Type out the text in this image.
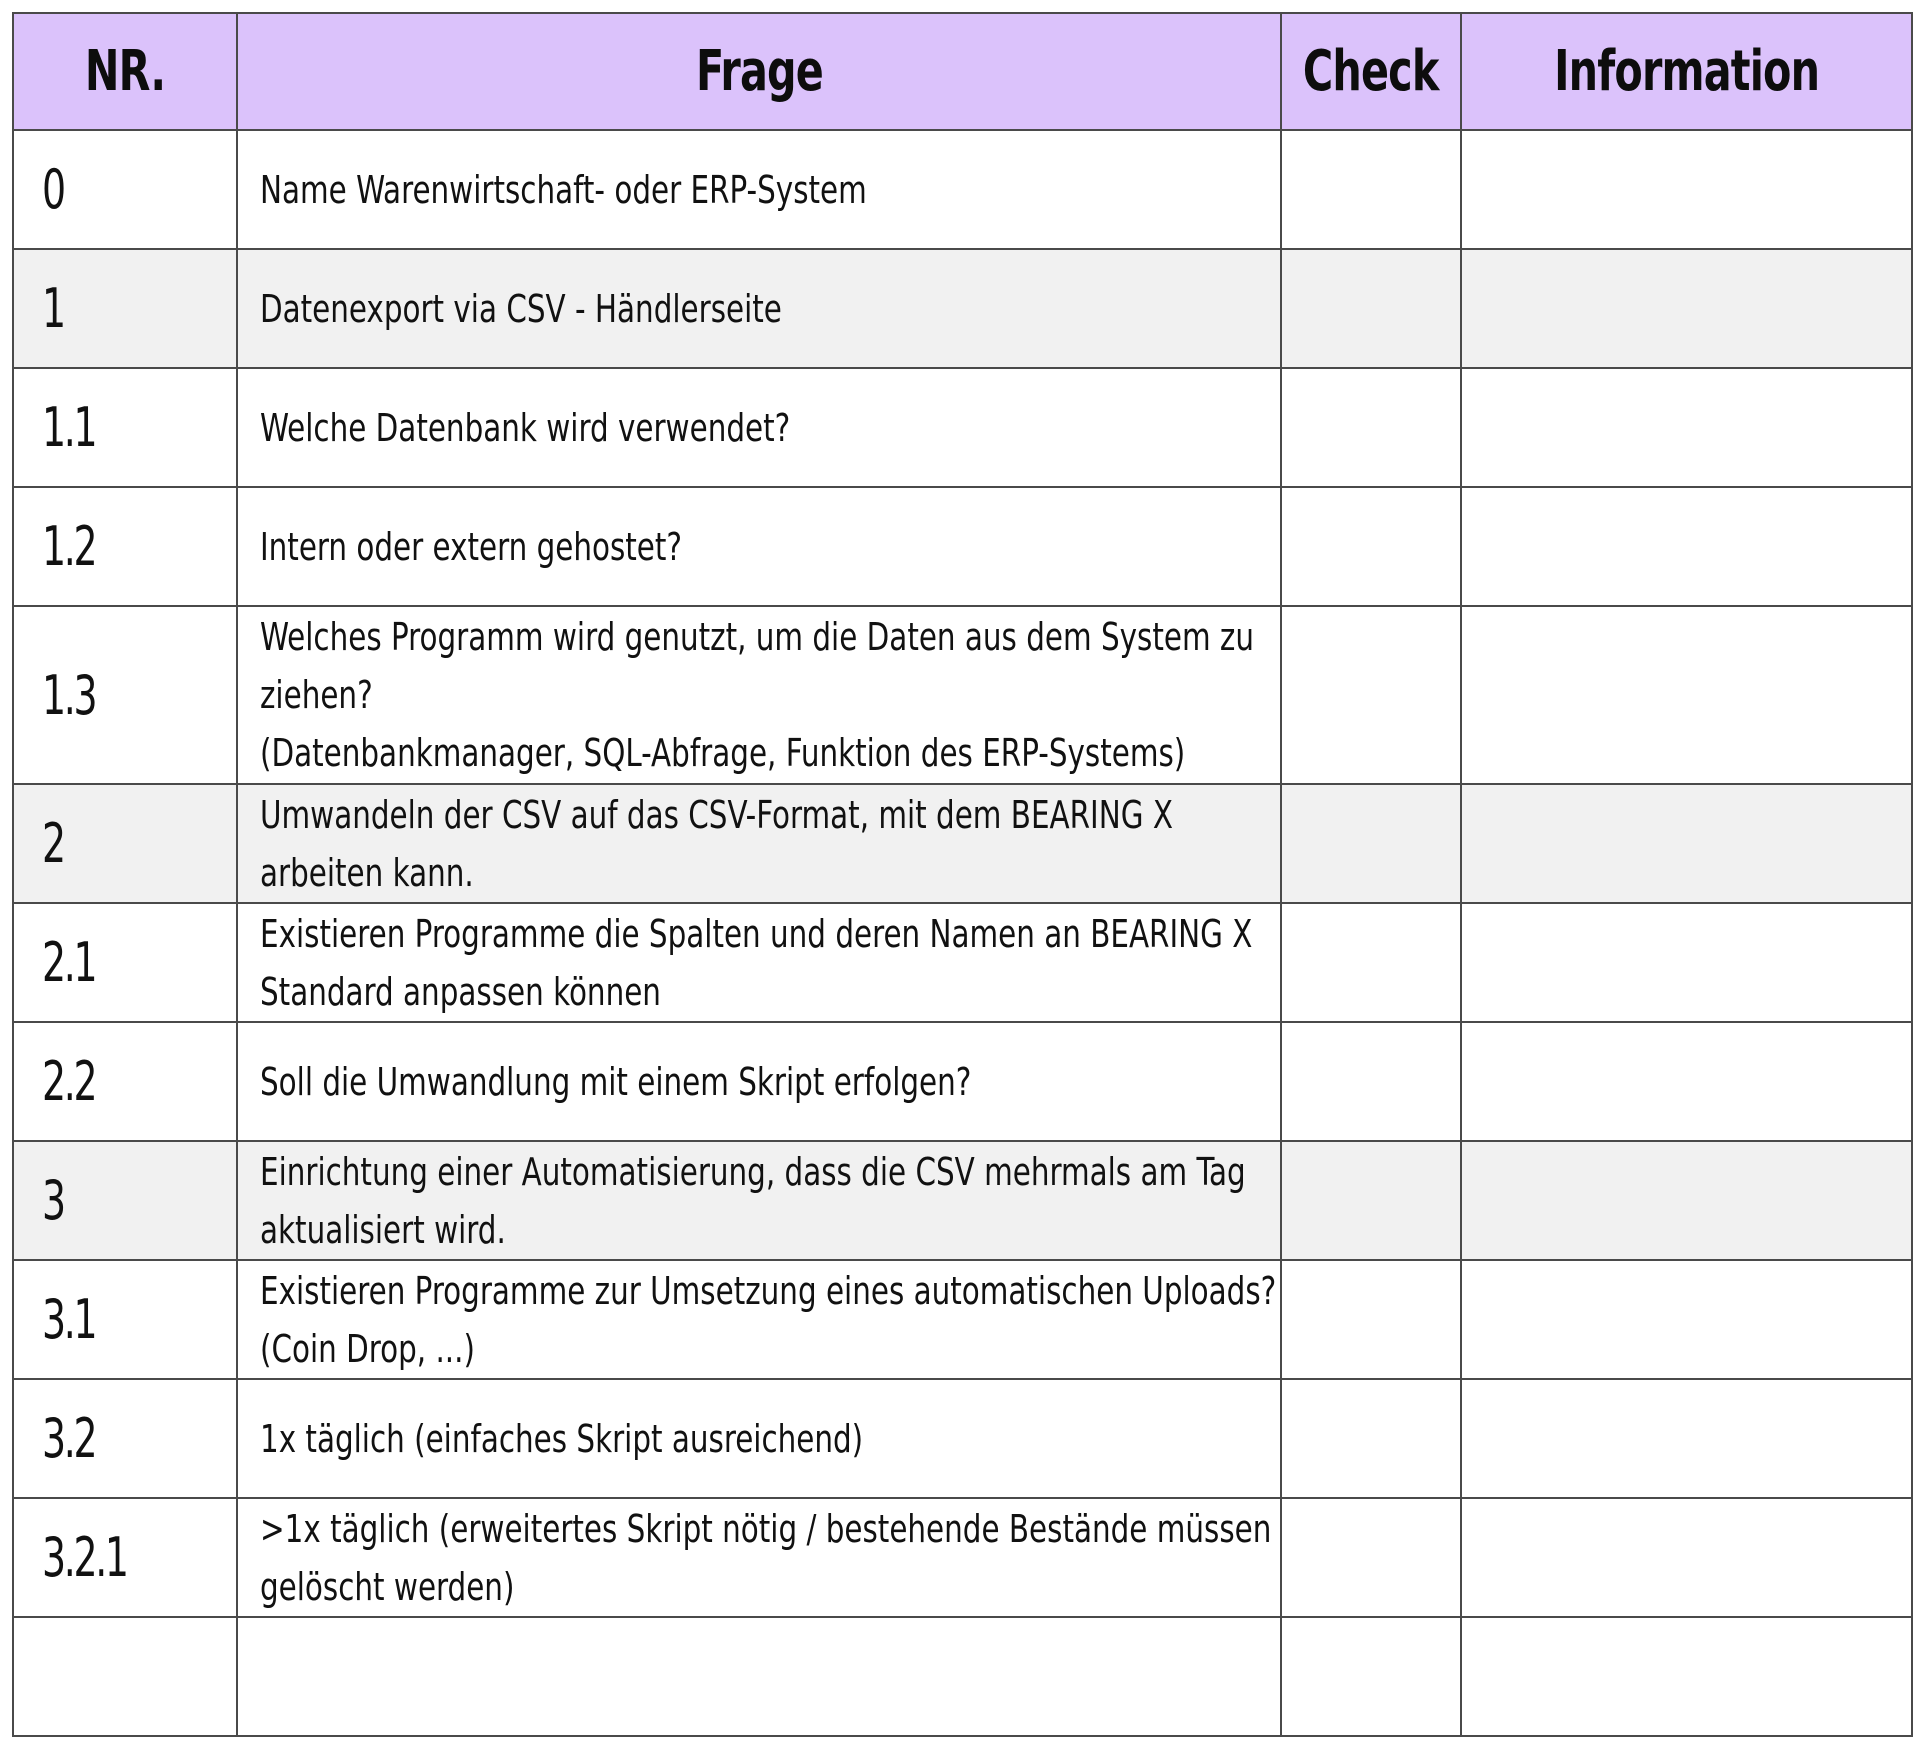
NR.	Frage	Check	Information
0	Name Warenwirtschaft- oder ERP-System		
1	Datenexport via CSV - Händlerseite		
1.1	Welche Datenbank wird verwendet?		
1.2	Intern oder extern gehostet?		
1.3	Welches Programm wird genutzt, um die Daten aus dem System zu ziehen?
(Datenbankmanager, SQL-Abfrage, Funktion des ERP-Systems)		
2	Umwandeln der CSV auf das CSV-Format, mit dem BEARING X arbeiten kann.		
2.1	Existieren Programme die Spalten und deren Namen an BEARING X Standard anpassen können		
2.2	Soll die Umwandlung mit einem Skript erfolgen?		
3	Einrichtung einer Automatisierung, dass die CSV mehrmals am Tag aktualisiert wird.		
3.1	Existieren Programme zur Umsetzung eines automatischen Uploads? (Coin Drop, ...)		
3.2	1x täglich (einfaches Skript ausreichend)		
3.2.1	>1x täglich (erweitertes Skript nötig / bestehende Bestände müssen gelöscht werden)		
